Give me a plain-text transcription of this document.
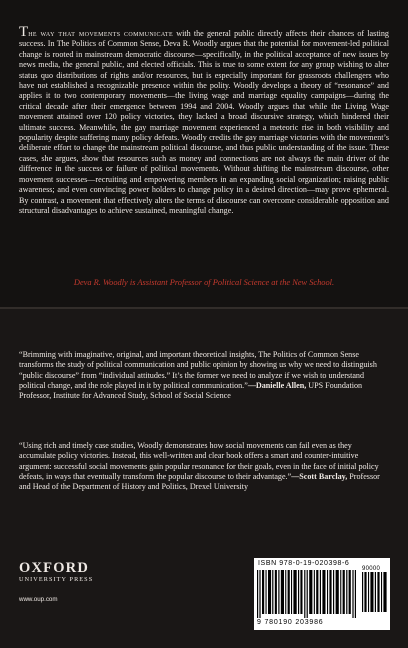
The way that movements communicate with the general public directly affects their chances of lasting success. In The Politics of Common Sense, Deva R. Woodly argues that the potential for movement-led political change is rooted in mainstream democratic discourse—specifically, in the political acceptance of new issues by news media, the general public, and elected officials. This is true to some extent for any group wishing to alter status quo distributions of rights and/or resources, but is especially important for grassroots challengers who have not established a recognizable presence within the polity. Woodly develops a theory of “resonance” and applies it to two contemporary movements—the living wage and marriage equality campaigns—during the critical decade after their emergence between 1994 and 2004. Woodly argues that while the Living Wage movement attained over 120 policy victories, they lacked a broad discursive strategy, which hindered their ultimate success. Meanwhile, the gay marriage movement experienced a meteoric rise in both visibility and popularity despite suffering many policy defeats. Woodly credits the gay marriage victories with the movement’s deliberate effort to change the mainstream political discourse, and thus public understanding of the issue. These cases, she argues, show that resources such as money and connections are not always the main driver of the difference in the success or failure of political movements. Without shifting the mainstream discourse, other movement successes—recruiting and empowering members in an expanding social organization; raising public awareness; and even convincing power holders to change policy in a desired direction—may prove ephemeral. By contrast, a movement that effectively alters the terms of discourse can overcome considerable opposition and structural disadvantages to achieve sustained, meaningful change.

Deva R. Woodly is Assistant Professor of Political Science at the New School.

“Brimming with imaginative, original, and important theoretical insights, The Politics of Common Sense transforms the study of political communication and public opinion by showing us why we need to distinguish “public discourse” from “individual attitudes.” It’s the former we need to analyze if we wish to understand political change, and the role played in it by political communication.”—Danielle Allen, UPS Foundation Professor, Institute for Advanced Study, School of Social Science

“Using rich and timely case studies, Woodly demonstrates how social movements can fail even as they accumulate policy victories. Instead, this well-written and clear book offers a smart and counter-intuitive argument: successful social movements gain popular resonance for their goals, even in the face of initial policy defeats, in ways that eventually transform the popular discourse to their advantage.”—Scott Barclay, Professor and Head of the Department of History and Politics, Drexel University

OXFORD
UNIVERSITY PRESS
www.oup.com
ISBN 978-0-19-020398-6
90000
9 780190 203986
